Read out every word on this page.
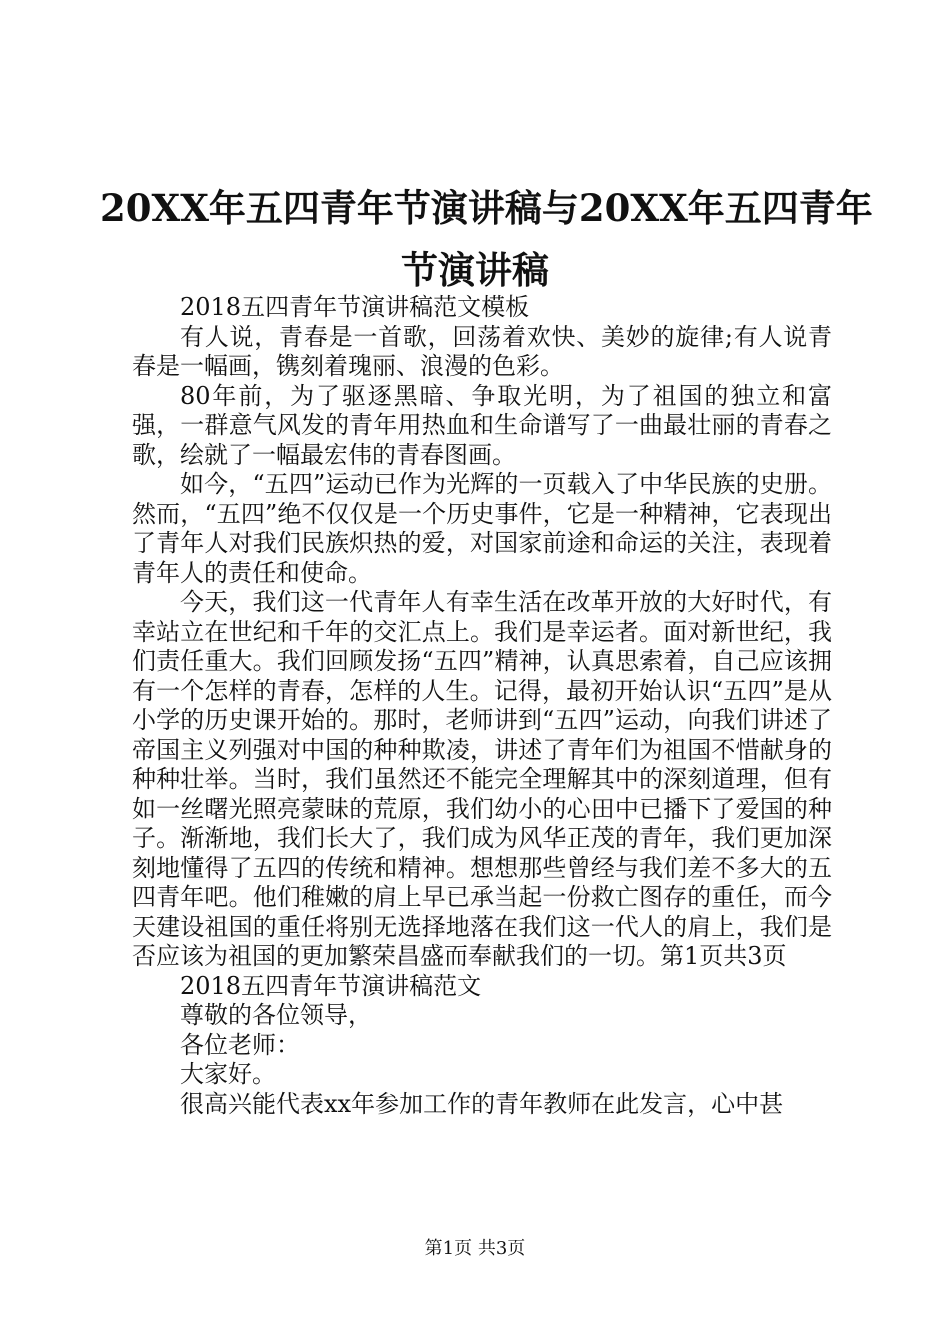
20XX年五四青年节演讲稿与20XX年五四青年
节演讲稿

2018五四青年节演讲稿范文模板

有人说，青春是一首歌，回荡着欢快、美妙的旋律;有人说青春是一幅画，镌刻着瑰丽、浪漫的色彩。

80年前，为了驱逐黑暗、争取光明，为了祖国的独立和富强，一群意气风发的青年用热血和生命谱写了一曲最壮丽的青春之歌，绘就了一幅最宏伟的青春图画。

如今，“五四”运动已作为光辉的一页载入了中华民族的史册。然而，“五四”绝不仅仅是一个历史事件，它是一种精神，它表现出了青年人对我们民族炽热的爱，对国家前途和命运的关注，表现着青年人的责任和使命。

今天，我们这一代青年人有幸生活在改革开放的大好时代，有幸站立在世纪和千年的交汇点上。我们是幸运者。面对新世纪，我们责任重大。我们回顾发扬“五四”精神，认真思索着，自己应该拥有一个怎样的青春，怎样的人生。记得，最初开始认识“五四”是从小学的历史课开始的。那时，老师讲到“五四”运动，向我们讲述了帝国主义列强对中国的种种欺凌，讲述了青年们为祖国不惜献身的种种壮举。当时，我们虽然还不能完全理解其中的深刻道理，但有如一丝曙光照亮蒙昧的荒原，我们幼小的心田中已播下了爱国的种子。渐渐地，我们长大了，我们成为风华正茂的青年，我们更加深刻地懂得了五四的传统和精神。想想那些曾经与我们差不多大的五四青年吧。他们稚嫩的肩上早已承当起一份救亡图存的重任，而今天建设祖国的重任将别无选择地落在我们这一代人的肩上，我们是否应该为祖国的更加繁荣昌盛而奉献我们的一切。第1页共3页

2018五四青年节演讲稿范文

尊敬的各位领导，

各位老师：

大家好。

很高兴能代表xx年参加工作的青年教师在此发言，心中甚

第1页 共3页
